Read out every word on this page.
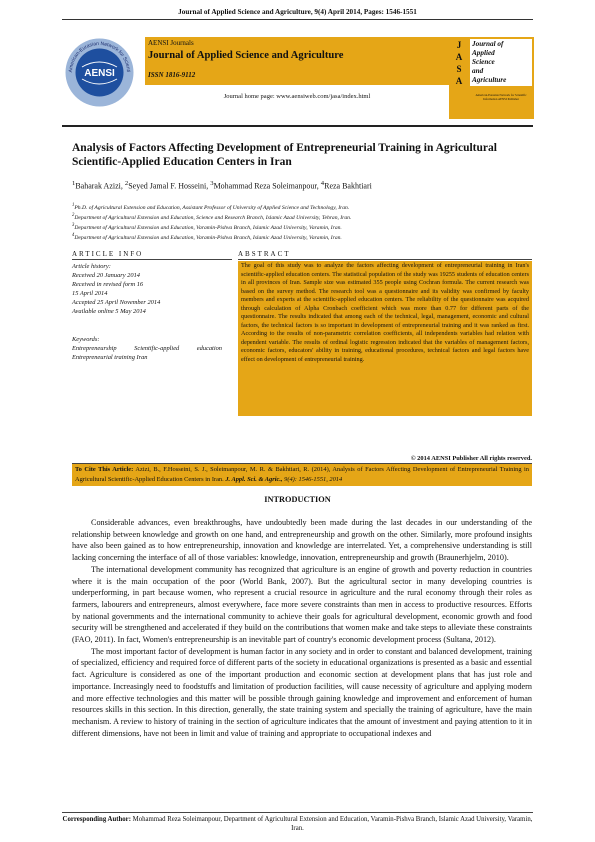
Journal of Applied Science and Agriculture, 9(4) April 2014, Pages: 1546-1551
American-Eurasian Network for Scienti
AENSI
AENSI Journals
Journal of Applied Science and Agriculture
ISSN 1816-9112
Journal home page: www.aensiweb.com/jasa/index.html
J
A
S
A
Journal of
Applied
Science
and
Agriculture
American-Eurasian Network for Scientific Information AENSI Publisher
Analysis of Factors Affecting Development of Entrepreneurial Training in Agricultural Scientific-Applied Education Centers in Iran
$^1$Baharak Azizi, $^2$Seyed Jamal F. Hosseini, $^3$Mohammad Reza Soleimanpour, $^4$Reza Bakhtiari
$^1$Ph.D. of Agricultural Extension and Education, Assistant Professor of University of Applied Science and Technology, Iran.
$^2$Department of Agricultural Extension and Education, Science and Research Branch, Islamic Azad University, Tehran, Iran.
$^3$Department of Agricultural Extension and Education, Varamin-Pishva Branch, Islamic Azad University, Varamin, Iran.
$^4$Department of Agricultural Extension and Education, Varamin-Pishva Branch, Islamic Azad University, Varamin, Iran.
ARTICLE INFO
Article history:
Received 20 January 2014
Received in revised form 16
15 April 2014
Accepted 25 April November 2014
Available online 5 May 2014
Keywords:
Entrepreneurship Scientific-applied education Entrepreneurial training Iran
ABSTRACT
The goal of this study was to analyze the factors affecting development of entrepreneurial training in Iran's scientific-applied education centers. The statistical population of the study was 19255 students of education centers in all provinces of Iran. Sample size was estimated 355 people using Cochran formula. The current research was based on the survey method. The research tool was a questionnaire and its validity was confirmed by faculty members and experts at the scientific-applied education centers. The reliability of the questionnaire was acquired through calculation of Alpha Cronbach coefficient which was more than 0.77 for different parts of the questionnaire. The results indicated that among each of the technical, legal, management, economic and cultural factors, the technical factors is so important in development of entrepreneurial training and it was ranked as first. According to the results of non-parametric correlation coefficients, all independents variables had relation with dependent variable. The results of ordinal logistic regression indicated that the variables of management factors, economic factors, educators' ability in training, educational procedures, technical factors and legal factors have effect on development of entrepreneurial training.
© 2014 AENSI Publisher All rights reserved.
To Cite This Article: Azizi, B., F.Hosseini, S. J., Soleimanpour, M. R. & Bakhtiari, R. (2014), Analysis of Factors Affecting Development of Entrepreneurial Training in Agricultural Scientific-Applied Education Centers in Iran. J. Appl. Sci. & Agric., 9(4): 1546-1551, 2014
INTRODUCTION

Considerable advances, even breakthroughs, have undoubtedly been made during the last decades in our understanding of the relationship between knowledge and growth on one hand, and entrepreneurship and growth on the other. Similarly, more profound insights have also been gained as to how entrepreneurship, innovation and knowledge are interrelated. Yet, a comprehensive understanding is still lacking concerning the interface of all of those variables: knowledge, innovation, entrepreneurship and growth (Braunerhjelm, 2010).

The international development community has recognized that agriculture is an engine of growth and poverty reduction in countries where it is the main occupation of the poor (World Bank, 2007). But the agricultural sector in many developing countries is underperforming, in part because women, who represent a crucial resource in agriculture and the rural economy through their roles as farmers, labourers and entrepreneurs, almost everywhere, face more severe constraints than men in access to productive resources. Efforts by national governments and the international community to achieve their goals for agricultural development, economic growth and food security will be strengthened and accelerated if they build on the contributions that women make and take steps to alleviate these constraints (FAO, 2011). In fact, Women's entrepreneurship is an inevitable part of country's economic development process (Sultana, 2012).

The most important factor of development is human factor in any society and in order to constant and balanced development, training of specialized, efficiency and required force of different parts of the society in educational organizations is presented as a basic and essential fact. Agriculture is considered as one of the important production and economic section at development plans that has just role and importance. Increasingly need to foodstuffs and limitation of production facilities, will cause necessity of agriculture and applying modern and more effective technologies and this matter will be possible through gaining knowledge and improvement and enforcement of human resources skills in this section. In this direction, generally, the state training system and specially the training of agriculture, have the main mechanism. A review to history of training in the section of agriculture indicates that the amount of investment and paying attention to it in different dimensions, have not been in limit and value of training and appropriate to occupational indexes and

Corresponding Author: Mohammad Reza Soleimanpour, Department of Agricultural Extension and Education, Varamin-Pishva Branch, Islamic Azad University, Varamin, Iran.
